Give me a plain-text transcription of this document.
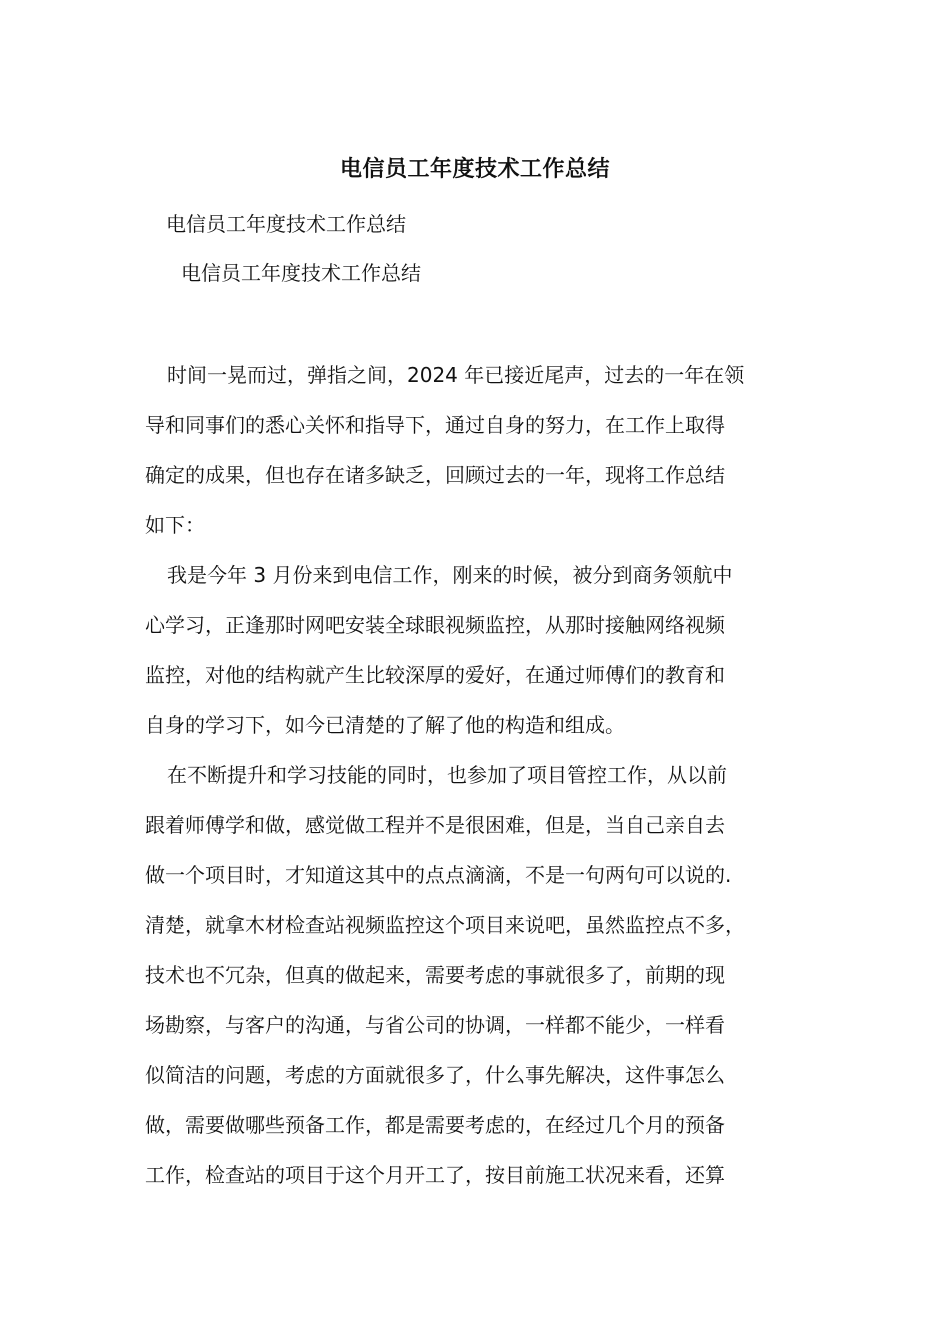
电信员工年度技术工作总结
电信员工年度技术工作总结
电信员工年度技术工作总结
时间一晃而过，弹指之间，2024 年已接近尾声，过去的一年在领
导和同事们的悉心关怀和指导下，通过自身的努力，在工作上取得
确定的成果，但也存在诸多缺乏，回顾过去的一年，现将工作总结
如下：
我是今年 3 月份来到电信工作，刚来的时候，被分到商务领航中
心学习，正逢那时网吧安装全球眼视频监控，从那时接触网络视频
监控，对他的结构就产生比较深厚的爱好，在通过师傅们的教育和
自身的学习下，如今已清楚的了解了他的构造和组成。
在不断提升和学习技能的同时，也参加了项目管控工作，从以前
跟着师傅学和做，感觉做工程并不是很困难，但是，当自己亲自去
做一个项目时，才知道这其中的点点滴滴，不是一句两句可以说的.
清楚，就拿木材检查站视频监控这个项目来说吧，虽然监控点不多，
技术也不冗杂，但真的做起来，需要考虑的事就很多了，前期的现
场勘察，与客户的沟通，与省公司的协调，一样都不能少，一样看
似简洁的问题，考虑的方面就很多了，什么事先解决，这件事怎么
做，需要做哪些预备工作，都是需要考虑的，在经过几个月的预备
工作，检查站的项目于这个月开工了，按目前施工状况来看，还算
